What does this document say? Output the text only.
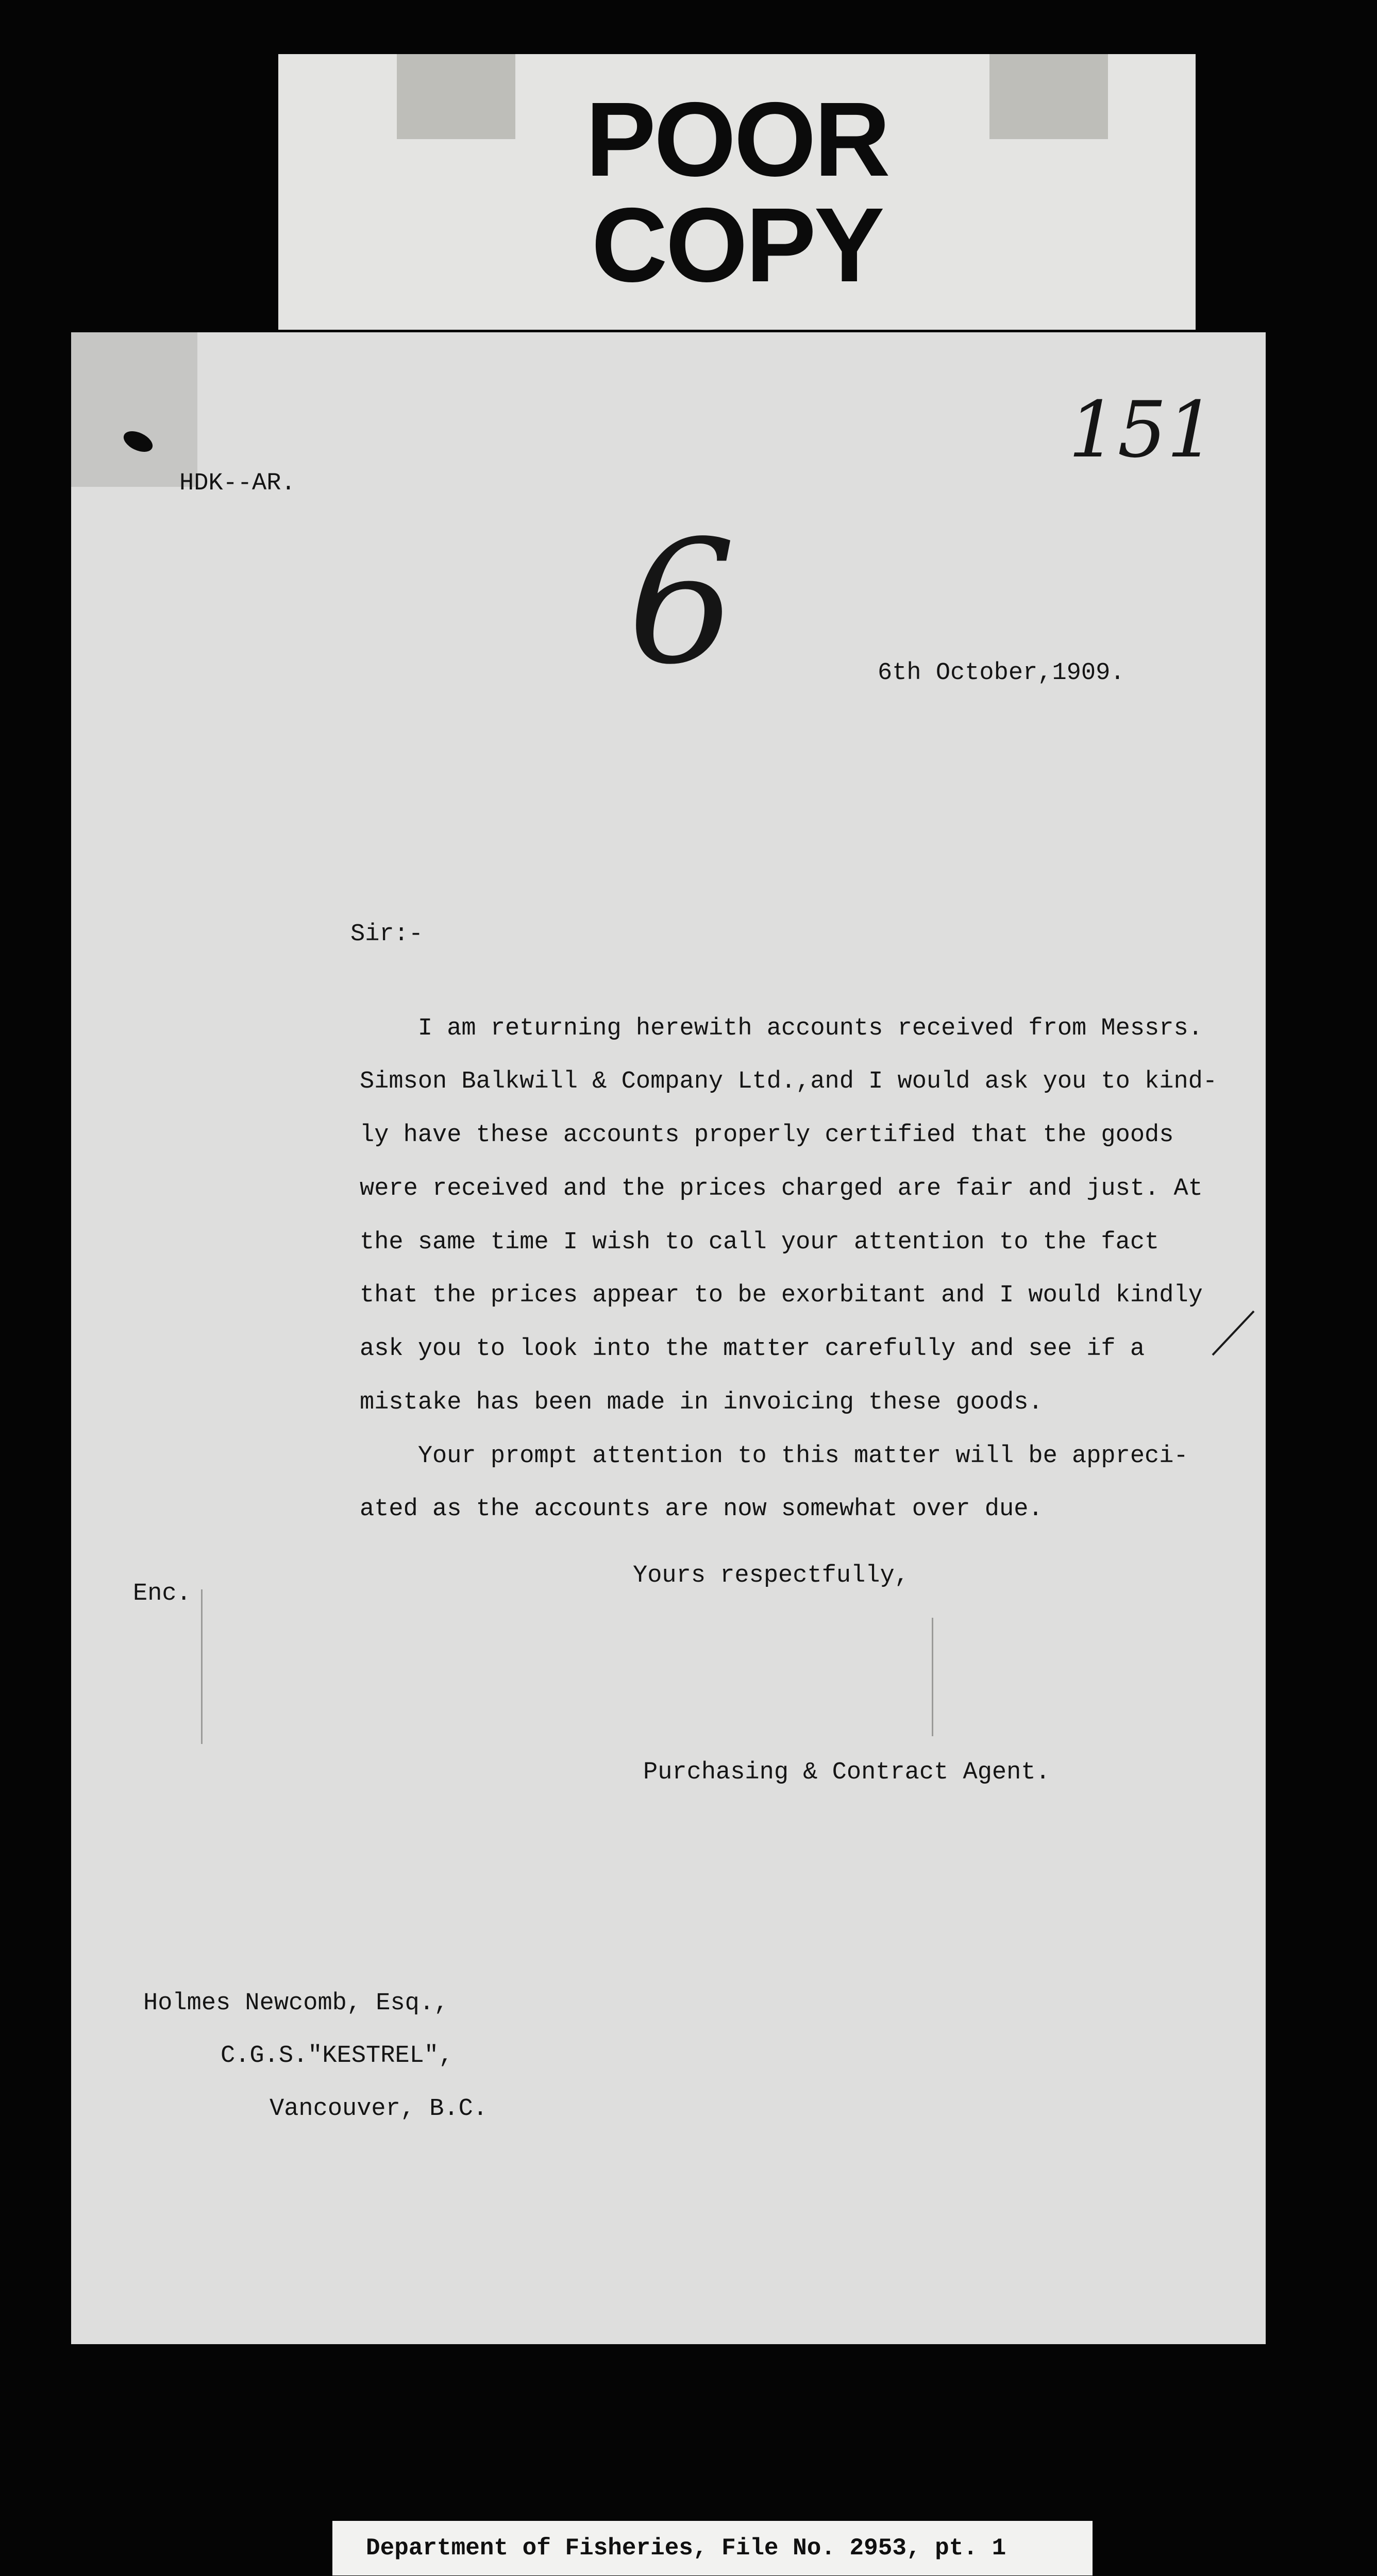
POOR
COPY
151
HDK--AR.
6	6th October,1909.
Sir:-
I am returning herewith accounts received from Messrs.
Simson Balkwill & Company Ltd.,and I would ask you to kind-
ly have these accounts properly certified that the goods
were received and the prices charged are fair and just. At
the same time I wish to call your attention to the fact
that the prices appear to be exorbitant and I would kindly
ask you to look into the matter carefully and see if a
mistake has been made in invoicing these goods.
Your prompt attention to this matter will be appreci-
ated as the accounts are now somewhat over due.
Yours respectfully,
Enc.
Purchasing & Contract Agent.
Holmes Newcomb, Esq.,
C.G.S."KESTREL",
Vancouver, B.C.
Department of Fisheries, File No. 2953, pt. 1
